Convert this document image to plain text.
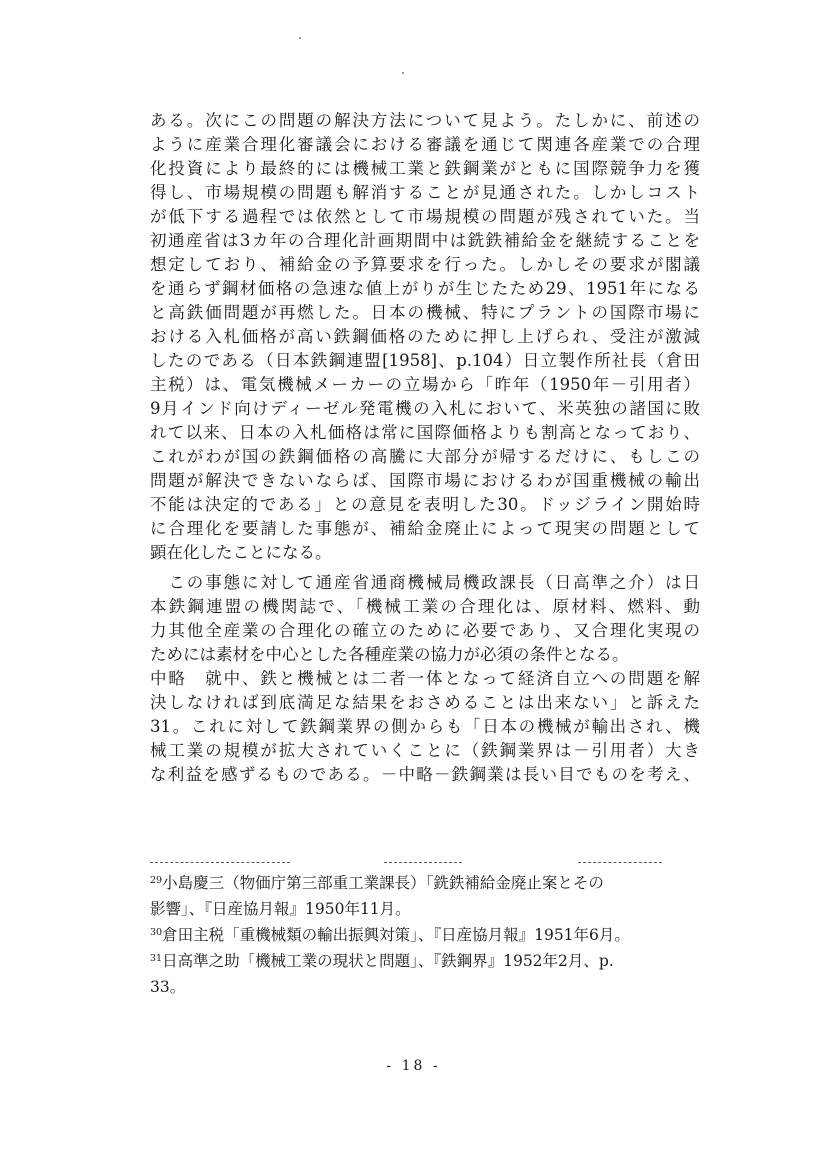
ある。次にこの問題の解決方法について見よう。たしかに、前述の
ように産業合理化審議会における審議を通じて関連各産業での合理
化投資により最終的には機械工業と鉄鋼業がともに国際競争力を獲
得し、市場規模の問題も解消することが見通された。しかしコスト
が低下する過程では依然として市場規模の問題が残されていた。当
初通産省は3カ年の合理化計画期間中は銑鉄補給金を継続することを
想定しており、補給金の予算要求を行った。しかしその要求が閣議
を通らず鋼材価格の急速な値上がりが生じたため29、1951年になる
と高鉄価問題が再燃した。日本の機械、特にプラントの国際市場に
おける入札価格が高い鉄鋼価格のために押し上げられ、受注が激減
したのである（日本鉄鋼連盟[1958]、p.104）日立製作所社長（倉田
主税）は、電気機械メーカーの立場から「昨年（1950年－引用者）
9月インド向けディーゼル発電機の入札において、米英独の諸国に敗
れて以来、日本の入札価格は常に国際価格よりも割高となっており、
これがわが国の鉄鋼価格の高騰に大部分が帰するだけに、もしこの
問題が解決できないならば、国際市場におけるわが国重機械の輸出
不能は決定的である」との意見を表明した30。ドッジライン開始時
に合理化を要請した事態が、補給金廃止によって現実の問題として
顕在化したことになる。
　この事態に対して通産省通商機械局機政課長（日高準之介）は日
本鉄鋼連盟の機関誌で、「機械工業の合理化は、原材料、燃料、動
力其他全産業の合理化の確立のために必要であり、又合理化実現の
ためには素材を中心とした各種産業の協力が必須の条件となる。
中略　就中、鉄と機械とは二者一体となって経済自立への問題を解
決しなければ到底満足な結果をおさめることは出来ない」と訴えた
31。これに対して鉄鋼業界の側からも「日本の機械が輸出され、機
械工業の規模が拡大されていくことに（鉄鋼業界は－引用者）大き
な利益を感ずるものである。－中略－鉄鋼業は長い目でものを考え、
$^{29}$小島慶三（物価庁第三部重工業課長）「銑鉄補給金廃止案とその
影響」、『日産協月報』1950年11月。
$^{30}$倉田主税「重機械類の輸出振興対策」、『日産協月報』1951年6月。
$^{31}$日高準之助「機械工業の現状と問題」、『鉄鋼界』1952年2月、p.
33。
- 18 -
